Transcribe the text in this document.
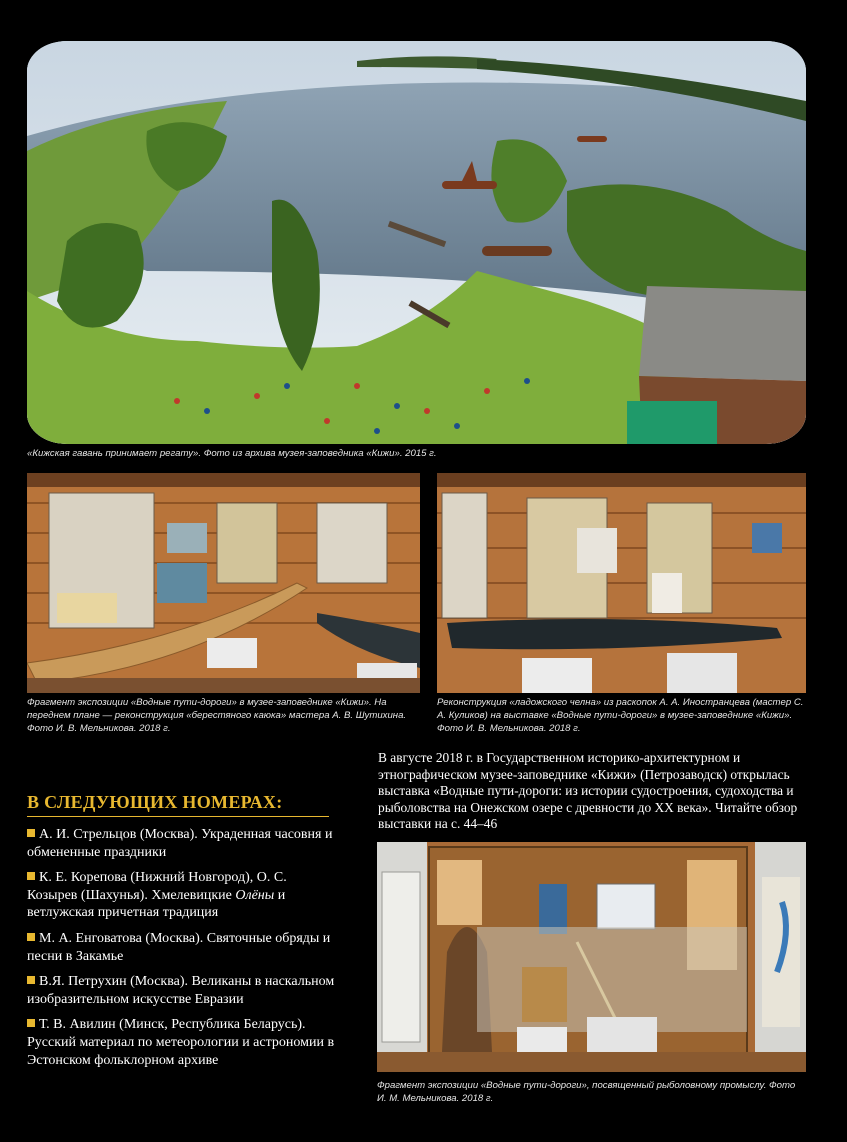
«Кижская гавань принимает регату». Фото из архива музея-заповедника «Кижи». 2015 г.
Фрагмент экспозиции «Водные пути-дороги» в музее-заповеднике «Кижи». На переднем плане — реконструкция «берестяного каюка» мастера А. В. Шутихина. Фото И. В. Мельникова. 2018 г.
Реконструкция «ладожского челна» из раскопок А. А. Иностранцева (мастер С. А. Куликов) на выставке «Водные пути-дороги» в музее-заповеднике «Кижи». Фото И. В. Мельникова. 2018 г.
В СЛЕДУЮЩИХ НОМЕРАХ:
А. И. Стрельцов (Москва). Украденная часовня и обмененные праздники
К. Е. Корепова (Нижний Новгород), О. С. Козырев (Шахунья). Хмелевицкие Олёны и ветлужская причетная традиция
М. А. Енговатова (Москва). Святочные обряды и песни в Закамье
В.Я. Петрухин (Москва). Великаны в наскальном изобразительном искусстве Евразии
Т. В. Авилин (Минск, Республика Беларусь). Русский материал по метеорологии и астрономии в Эстонском фольклорном архиве
В августе 2018 г. в Государственном историко-архитектурном и этнографическом музее-заповеднике «Кижи» (Петрозаводск) открылась выставка «Водные пути-дороги: из истории судостроения, судоходства и рыболовства на Онежском озере с древности до ХХ века». Читайте обзор выставки на с. 44–46
Фрагмент экспозиции «Водные пути-дороги», посвященный рыболовному промыслу. Фото И. М. Мельникова. 2018 г.
